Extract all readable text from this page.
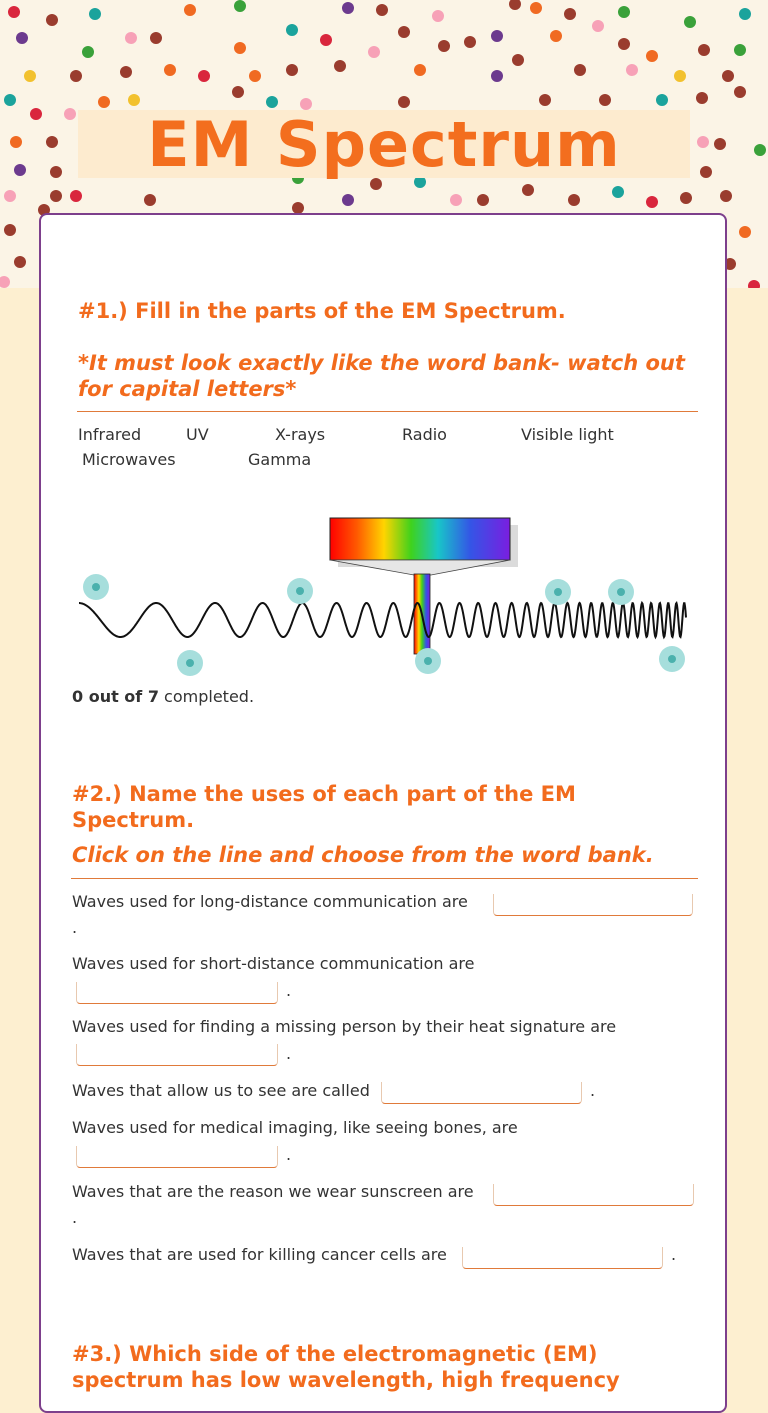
EM Spectrum

#1.) Fill in the parts of the EM Spectrum.

*It must look exactly like the word bank- watch out for capital letters*

Infrared	UV	X-rays	Radio	Visible light
Microwaves	Gamma
0 out of 7 completed.

#2.) Name the uses of each part of the EM Spectrum.

Click on the line and choose from the word bank.

Waves used for long-distance communication are
.
Waves used for short-distance communication are
.
Waves used for finding a missing person by their heat signature are
.
Waves that allow us to see are called	.
Waves used for medical imaging, like seeing bones, are
.
Waves that are the reason we wear sunscreen are
.
Waves that are used for killing cancer cells are	.

#3.) Which side of the electromagnetic (EM) spectrum has low wavelength, high frequency
